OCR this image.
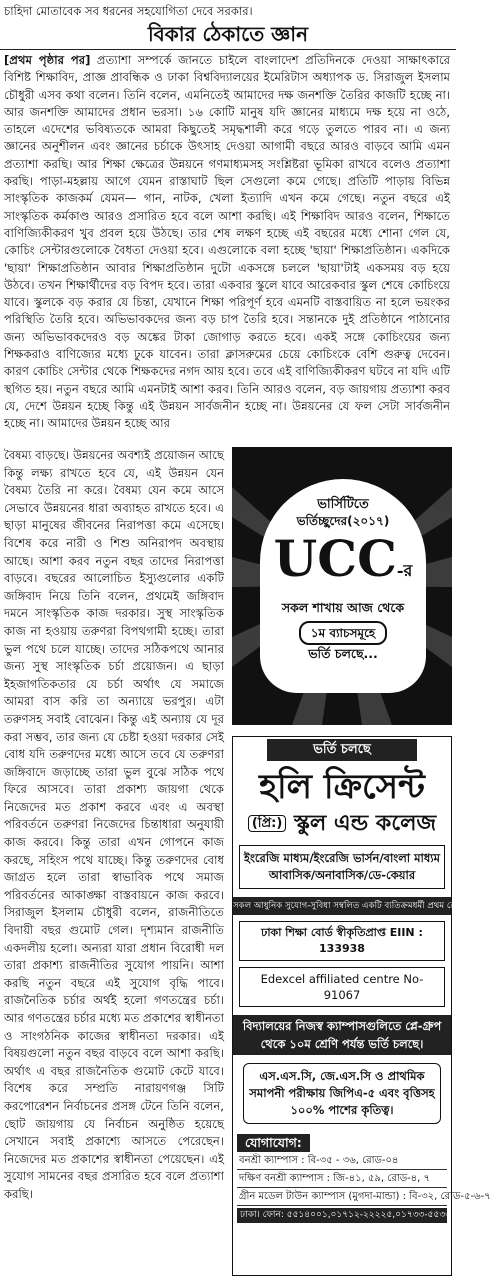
চাহিদা মোতাবেক সব ধরনের সহযোগিতা দেবে সরকার।
বিকার ঠেকাতে জ্ঞান
[প্রথম পৃষ্ঠার পর] প্রত্যাশা সম্পর্কে জানতে চাইলে বাংলাদেশ প্রতিদিনকে দেওয়া সাক্ষাৎকারে বিশিষ্ট শিক্ষাবিদ, প্রাজ্ঞ প্রাবন্ধিক ও ঢাকা বিশ্ববিদ্যালয়ের ইমেরিটাস অধ্যাপক ড. সিরাজুল ইসলাম চৌধুরী এসব কথা বলেন। তিনি বলেন, এমনিতেই আমাদের দক্ষ জনশক্তি তৈরির কাজটি হচ্ছে না। আর জনশক্তি আমাদের প্রধান ভরসা। ১৬ কোটি মানুষ যদি জ্ঞানের মাধ্যমে দক্ষ হয়ে না ওঠে, তাহলে এদেশের ভবিষ্যতকে আমরা কিছুতেই সমৃদ্ধশালী করে গড়ে তুলতে পারব না। এ জন্য জ্ঞানের অনুশীলন এবং জ্ঞানের চর্চাকে উৎসাহ দেওয়া আগামী বছরে আরও বাড়বে আমি এমন প্রত্যাশা করছি। আর শিক্ষা ক্ষেত্রের উন্নয়নে গণমাধ্যমসহ সংশ্লিষ্টরা ভূমিকা রাখবে বলেও প্রত্যাশা করছি। পাড়া-মহল্লায় আগে যেমন রাস্তাঘাট ছিল সেগুলো কমে গেছে। প্রতিটি পাড়ায় বিভিন্ন সাংস্কৃতিক কাজকর্ম যেমন— গান, নাটক, খেলা ইত্যাদি এখন কমে গেছে। নতুন বছরে এই সাংস্কৃতিক কর্মকাণ্ড আরও প্রসারিত হবে বলে আশা করছি। এই শিক্ষাবিদ আরও বলেন, শিক্ষাতে বাণিজ্যিকীকরণ খুব প্রবল হয়ে উঠছে। তার শেষ লক্ষণ হচ্ছে এই বছরের মধ্যে শোনা গেল যে, কোচিং সেন্টারগুলোকে বৈধতা দেওয়া হবে। এগুলোকে বলা হচ্ছে 'ছায়া' শিক্ষাপ্রতিষ্ঠান। একদিকে 'ছায়া' শিক্ষাপ্রতিষ্ঠান আবার শিক্ষাপ্রতিষ্ঠান দুটো একসঙ্গে চললে 'ছায়া'টাই একসময় বড় হয়ে উঠবে। তখন শিক্ষার্থীদের বড় বিপদ হবে। তারা একবার স্কুলে যাবে আরেকবার স্কুল শেষে কোচিংয়ে যাবে। স্কুলকে বড় করার যে চিন্তা, যেখানে শিক্ষা পরিপূর্ণ হবে এমনটি বাস্তবায়িত না হলে ভয়ংকর পরিস্থিতি তৈরি হবে। অভিভাবকদের জন্য বড় চাপ তৈরি হবে। সন্তানকে দুই প্রতিষ্ঠানে পাঠানোর জন্য অভিভাবকদেরও বড় অঙ্কের টাকা জোগাড় করতে হবে। একই সঙ্গে কোচিংয়ের জন্য শিক্ষকরাও বাণিজ্যের মধ্যে ঢুকে যাবেন। তারা ক্লাসরুমের চেয়ে কোচিংকে বেশি গুরুত্ব দেবেন। কারণ কোচিং সেন্টার থেকে শিক্ষকদের নগদ আয় হবে। তবে এই বাণিজ্যিকীকরণ ঘটবে না যদি এটি স্থগিত হয়। নতুন বছরে আমি এমনটাই আশা করব। তিনি আরও বলেন, বড় জায়গায় প্রত্যাশা করব যে, দেশে উন্নয়ন হচ্ছে কিন্তু এই উন্নয়ন সার্বজনীন হচ্ছে না। উন্নয়নের যে ফল সেটা সার্বজনীন হচ্ছে না। আমাদের উন্নয়ন হচ্ছে আর
বৈষম্য বাড়ছে। উন্নয়নের অবশ্যই প্রয়োজন আছে কিন্তু লক্ষ্য রাখতে হবে যে, এই উন্নয়ন যেন বৈষম্য তৈরি না করে। বৈষম্য যেন কমে আসে সেভাবে উন্নয়নের ধারা অব্যাহত রাখতে হবে। এ ছাড়া মানুষের জীবনের নিরাপত্তা কমে এসেছে। বিশেষ করে নারী ও শিশু অনিরাপদ অবস্থায় আছে। আশা করব নতুন বছর তাদের নিরাপত্তা বাড়বে। বছরের আলোচিত ইস্যুগুলোর একটি জঙ্গিবাদ নিয়ে তিনি বলেন, প্রথমেই জঙ্গিবাদ দমনে সাংস্কৃতিক কাজ দরকার। সুস্থ সাংস্কৃতিক কাজ না হওয়ায় তরুণরা বিপথগামী হচ্ছে। তারা ভুল পথে চলে যাচ্ছে। তাদের সঠিকপথে আনার জন্য সুস্থ সাংস্কৃতিক চর্চা প্রয়োজন। এ ছাড়া ইহজাগতিকতার যে চর্চা অর্থাৎ যে সমাজে আমরা বাস করি তা অন্যায়ে ভরপুর। এটা তরুণসহ সবাই বোঝেন। কিন্তু এই অন্যায় যে দূর করা সম্ভব, তার জন্য যে চেষ্টা হওয়া দরকার সেই বোধ যদি তরুণদের মধ্যে আসে তবে যে তরুণরা জঙ্গিবাদে জড়াচ্ছে তারা ভুল বুঝে সঠিক পথে ফিরে আসবে। তারা প্রকাশ্য জায়গা থেকে নিজেদের মত প্রকাশ করবে এবং এ অবস্থা পরিবর্তনে তরুণরা নিজেদের চিন্তাধারা অনুযায়ী কাজ করবে। কিন্তু তারা এখন গোপনে কাজ করছে, সহিংস পথে যাচ্ছে। কিন্তু তরুণদের বোধ জাগ্রত হলে তারা স্বাভাবিক পথে সমাজ পরিবর্তনের আকাঙ্ক্ষা বাস্তবায়নে কাজ করবে। সিরাজুল ইসলাম চৌধুরী বলেন, রাজনীতিতে বিদায়ী বছর গুমোট গেল। দৃশ্যমান রাজনীতি একদলীয় হলো। অন্যরা যারা প্রধান বিরোধী দল তারা প্রকাশ্য রাজনীতির সুযোগ পায়নি। আশা করছি নতুন বছরে এই সুযোগ বৃদ্ধি পাবে। রাজনৈতিক চর্চার অর্থই হলো গণতন্ত্রের চর্চা। আর গণতন্ত্রের চর্চার মধ্যে মত প্রকাশের স্বাধীনতা ও সাংগঠনিক কাজের স্বাধীনতা দরকার। এই বিষয়গুলো নতুন বছর বাড়বে বলে আশা করছি। অর্থাৎ এ বছর রাজনৈতিক গুমোট কেটে যাবে। বিশেষ করে সম্প্রতি নারায়ণগঞ্জ সিটি করপোরেশন নির্বাচনের প্রসঙ্গ টেনে তিনি বলেন, ছোট জায়গায় যে নির্বাচন অনুষ্ঠিত হয়েছে সেখানে সবাই প্রকাশ্যে আসতে পেরেছেন। নিজেদের মত প্রকাশের স্বাধীনতা পেয়েছেন। এই সুযোগ সামনের বছর প্রসারিত হবে বলে প্রত্যাশা করছি।
ভার্সিটিতে
ভর্তিচ্ছুদের(২০১৭)
UCC-র
সকল শাখায় আজ থেকে
১ম ব্যাচসমূহে
ভর্তি চলছে...
ভর্তি চলছে
হলি ক্রিসেন্ট
(প্রি:) স্কুল এন্ড কলেজ
ইংরেজি মাধ্যম/ইংরেজি ভার্সন/বাংলা মাধ্যম
আবাসিক/অনাবাসিক/ডে-কেয়ার
সকল আধুনিক সুযোগ-সুবিধা সম্বলিত একটি ব্যতিক্রমধর্মী প্রথম শ্রেণির বিদ্যালয়।
ঢাকা শিক্ষা বোর্ড স্বীকৃতিপ্রাপ্ত EIIN : 133938
Edexcel affiliated centre No-91067
বিদ্যালয়ের নিজস্ব ক্যাম্পাসগুলিতে প্লে-গ্রুপ থেকে ১০ম শ্রেণি পর্যন্ত ভর্তি চলছে।
এস.এস.সি, জে.এস.সি ও প্রাথমিক সমাপনী পরীক্ষায় জিপিএ-৫ এবং বৃত্তিসহ ১০০% পাশের কৃতিত্ব।
যোগাযোগ:
বনশ্রী ক্যাম্পাস : বি-৩৫ - ৩৬, রোড-০৪
দক্ষিণ বনশ্রী ক্যাম্পাস : জি-৪১, ৫৯, রোড-৪, ৭
গ্রীন মডেল টাউন ক্যাম্পাস (মুগদা-মান্ডা) : বি-৩২, রোড-৫-৬-৭
ঢাকা। ফোন: ৫৫১৪০০১,০১৭১২-২২২২৫,০১৭৩৩-৫৫৩৩৪৪।
